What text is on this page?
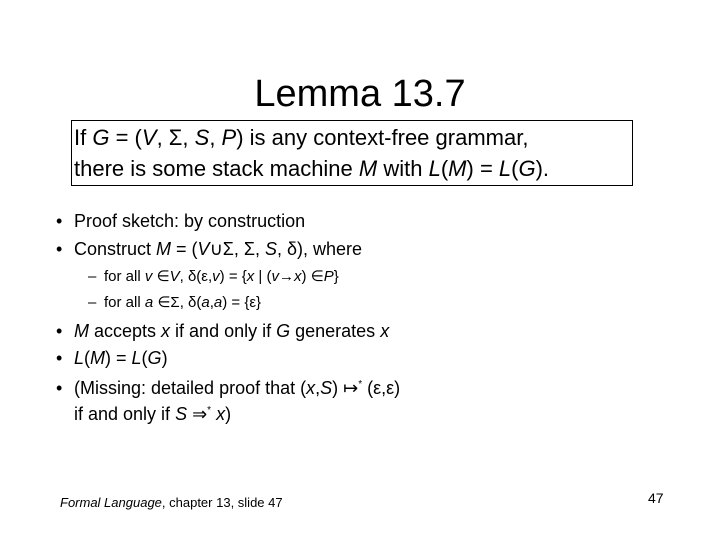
Lemma 13.7
If G = (V, Σ, S, P) is any context-free grammar,
there is some stack machine M with L(M) = L(G).
• Proof sketch: by construction
• Construct M = (V∪Σ, Σ, S, δ), where
– for all v ∈V, δ(ε,v) = {x | (v→x) ∈P}
– for all a ∈Σ, δ(a,a) = {ε}
• M accepts x if and only if G generates x
• L(M) = L(G)
• (Missing: detailed proof that (x,S) ↦* (ε,ε)
if and only if S ⇒* x)
Formal Language, chapter 13, slide 47	47
